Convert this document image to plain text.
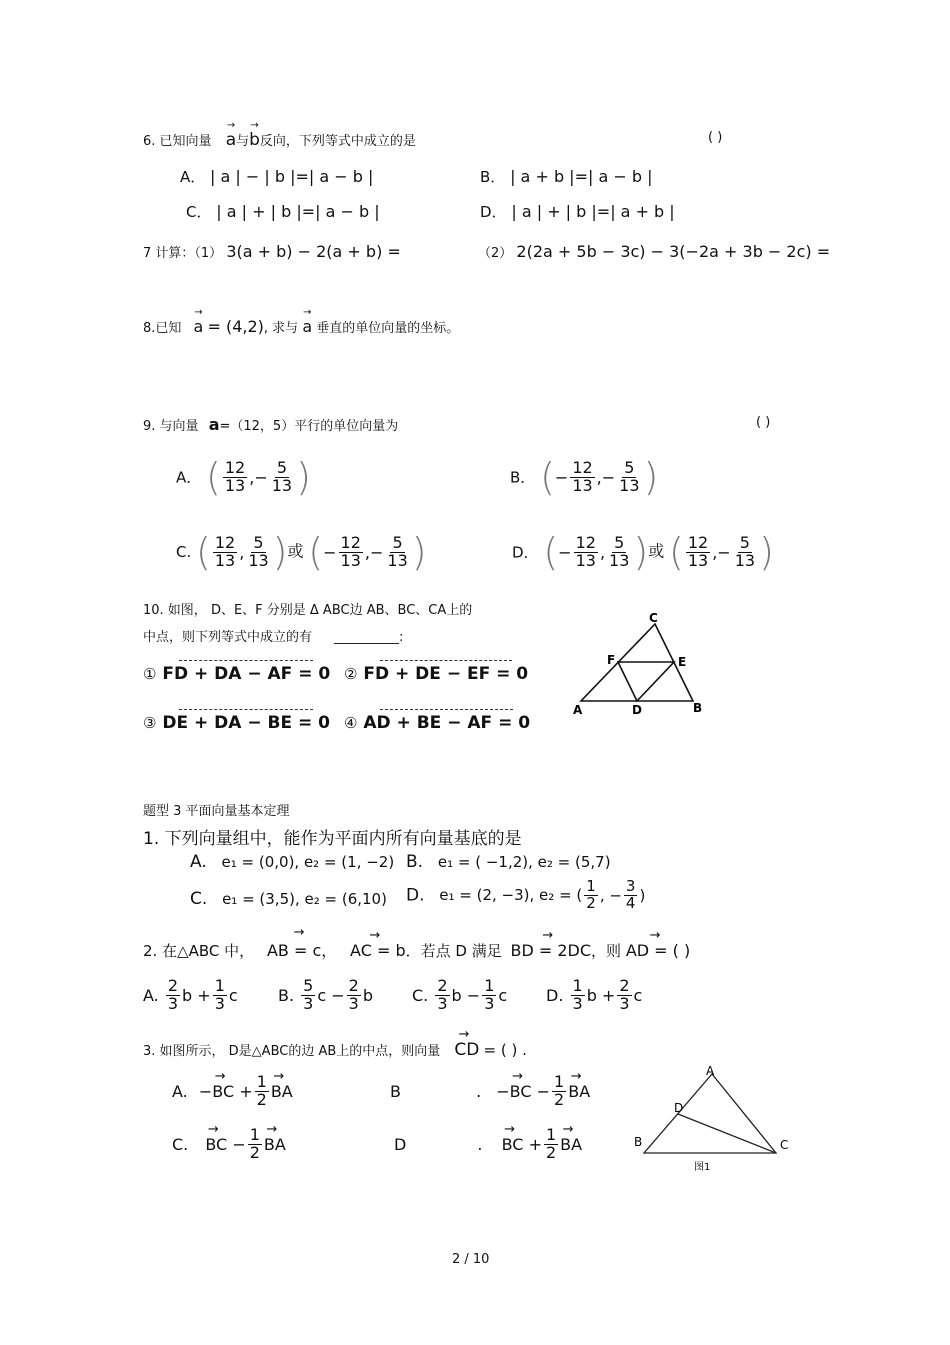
6. 已知向量 → a与→ b反向，下列等式中成立的是	( )
A． | a | − | b |=| a − b |	B． | a + b |=| a − b |
C． | a | + | b |=| a − b |	D． | a | + | b |=| a + b |
7 计算：（1） 3(a + b) − 2(a + b) =	（2） 2(2a + 5b − 3c) − 3(−2a + 3b − 2c) =
8.已知 → a = (4,2), 求与 → a 垂直的单位向量的坐标。
9. 与向量 a=（12，5）平行的单位向量为	( )
A． ( $\frac{12}{13}$ , − $\frac{5}{13}$ )	B． ( − $\frac{12}{13}$ , − $\frac{5}{13}$ )
C. ( $\frac{12}{13}$ , $\frac{5}{13}$ ) 或 ( − $\frac{12}{13}$ , − $\frac{5}{13}$ )	D． ( − $\frac{12}{13}$ , $\frac{5}{13}$ ) 或 ( $\frac{12}{13}$ , − $\frac{5}{13}$ )
10. 如图， D、E、F 分别是 Δ ABC边 AB、BC、CA上的
中点，则下列等式中成立的有 __________:
① FD + DA − AF = 0 ② FD + DE − EF = 0
③ DE + DA − BE = 0 ④ AD + BE − AF = 0
C
F	E
A	D	B
题型 3 平面向量基本定理
1. 下列向量组中，能作为平面内所有向量基底的是
A. e₁ = (0,0), e₂ = (1, −2) B. e₁ = ( −1,2), e₂ = (5,7)
C. e₁ = (3,5), e₂ = (6,10) D. e₁ = (2, −3), e₂ = ( $\frac{1}{2}$ , − $\frac{3}{4}$ )
2. 在△ABC 中， → AB = c， → AC = b．若点 D 满足 → BD = 2DC，则 → AD = ( )
A. $\frac{2}{3}$ $b + \frac{1}{3}$ c	B. $\frac{5}{3}$ $c - \frac{2}{3}$ b C. $\frac{2}{3}$ $b - \frac{1}{3}$ c D. $\frac{1}{3}$ $b + \frac{2}{3}$ c
3. 如图所示， D是△ABC的边 AB上的中点，则向量 → CD = ( ) .
A. −→ BC + $\frac{1}{2}$ → BA	B	. −→ BC − $\frac{1}{2}$ → BA
C. → BC − $\frac{1}{2}$ → BA	D	. → BC + $\frac{1}{2}$ → BA
A
D
B	C
图1
2 / 10
